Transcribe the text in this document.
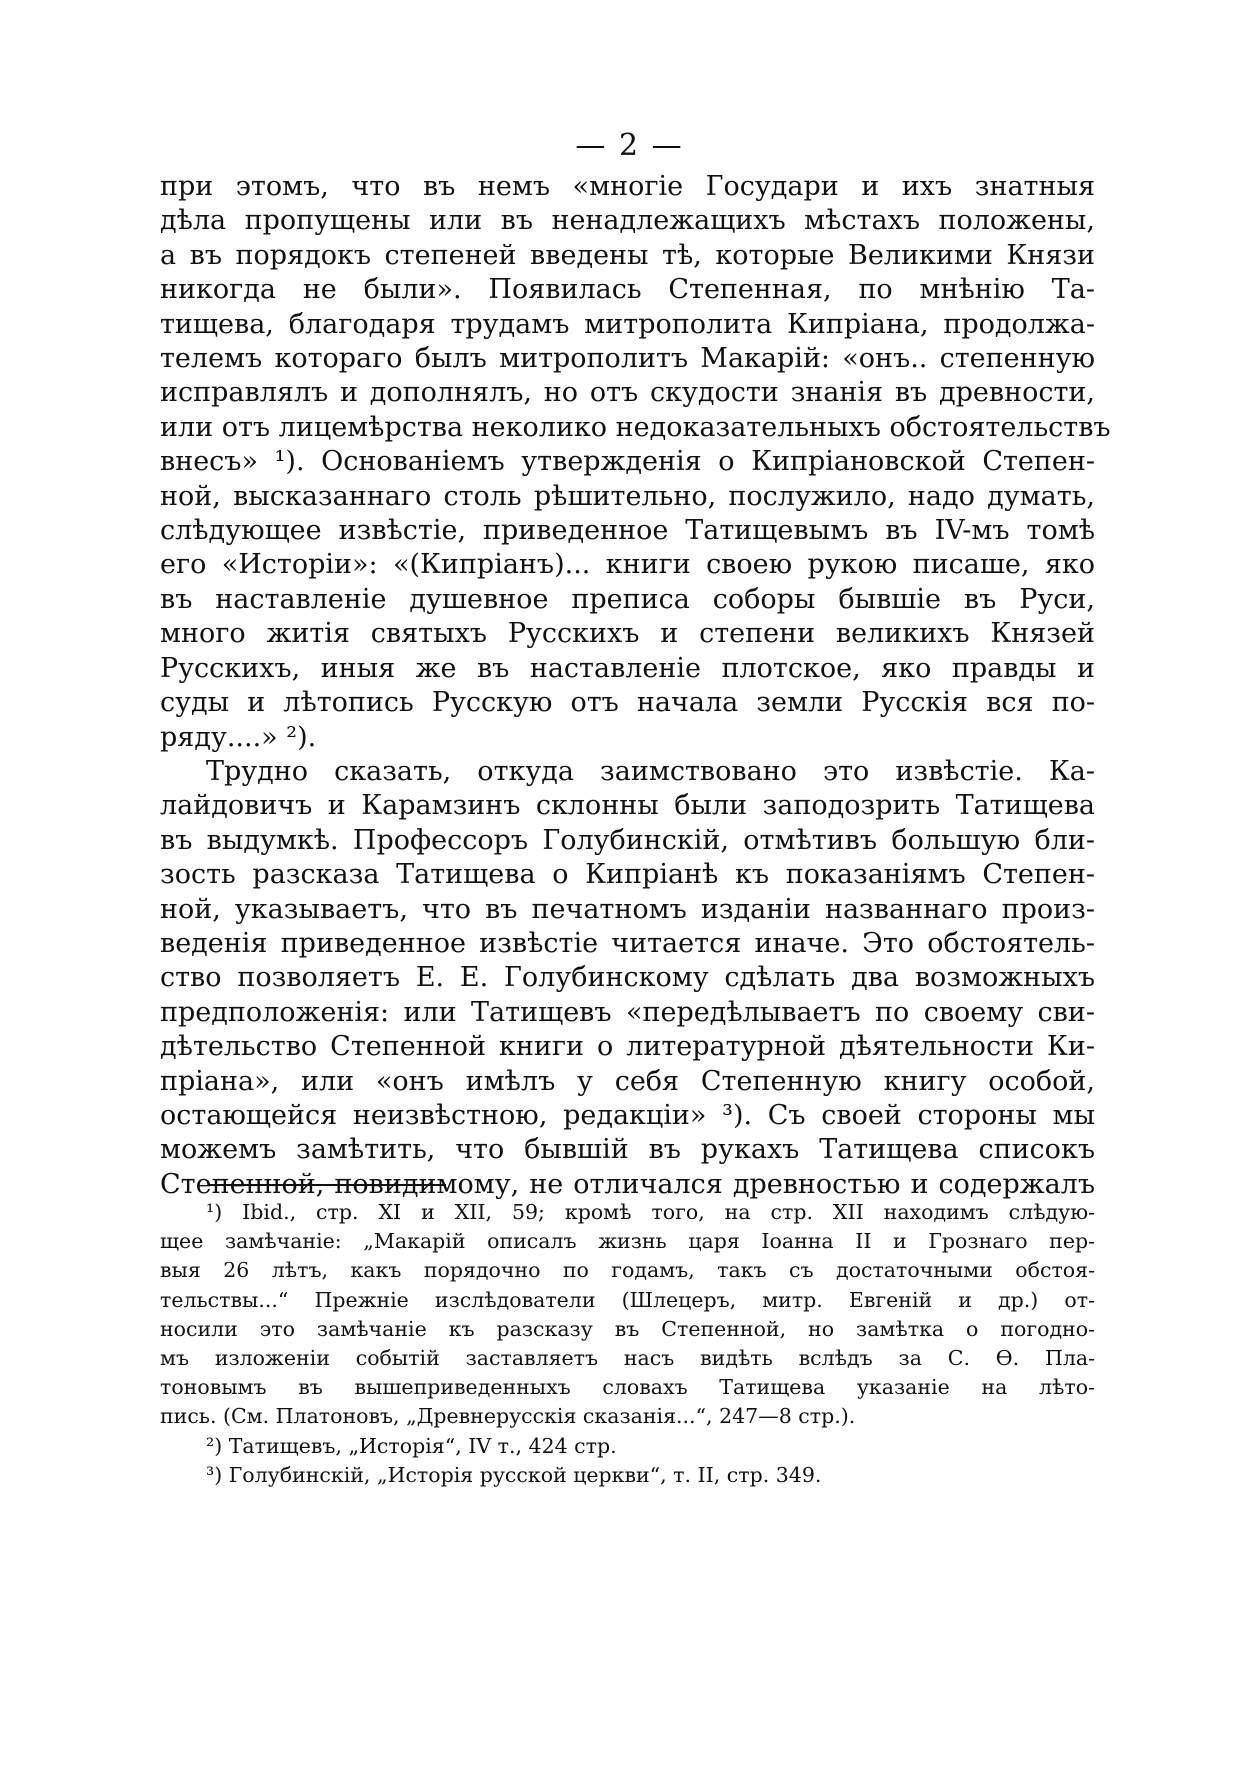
— 2 —
при этомъ, что въ немъ «многіе Государи и ихъ знатныя
дѣла пропущены или въ ненадлежащихъ мѣстахъ положены,
а въ порядокъ степеней введены тѣ, которые Великими Князи
никогда не были». Появилась Степенная, по мнѣнію Та-
тищева, благодаря трудамъ митрополита Кипріана, продолжа-
телемъ котораго былъ митрополитъ Макарій: «онъ.. степенную
исправлялъ и дополнялъ, но отъ скудости знанія въ древности,
или отъ лицемѣрства неколико недоказательныхъ обстоятельствъ
внесъ» ¹). Основаніемъ утвержденія о Кипріановской Степен-
ной, высказаннаго столь рѣшительно, послужило, надо думать,
слѣдующее извѣстіе, приведенное Татищевымъ въ IV-мъ томѣ
его «Исторіи»: «(Кипріанъ)... книги своею рукою писаше, яко
въ наставленіе душевное преписа соборы бывшіе въ Руси,
много житія святыхъ Русскихъ и степени великихъ Князей
Русскихъ, иныя же въ наставленіе плотское, яко правды и
суды и лѣтопись Русскую отъ начала земли Русскія вся по-
ряду....» ²).
Трудно сказать, откуда заимствовано это извѣстіе. Ка-
лайдовичъ и Карамзинъ склонны были заподозрить Татищева
въ выдумкѣ. Профессоръ Голубинскій, отмѣтивъ большую бли-
зость разсказа Татищева о Кипріанѣ къ показаніямъ Степен-
ной, указываетъ, что въ печатномъ изданіи названнаго произ-
веденія приведенное извѣстіе читается иначе. Это обстоятель-
ство позволяетъ Е. Е. Голубинскому сдѣлать два возможныхъ
предположенія: или Татищевъ «передѣлываетъ по своему сви-
дѣтельство Степенной книги о литературной дѣятельности Ки-
пріана», или «онъ имѣлъ у себя Степенную книгу особой,
остающейся неизвѣстною, редакціи» ³). Съ своей стороны мы
можемъ замѣтить, что бывшій въ рукахъ Татищева списокъ
Степенной, повидимому, не отличался древностью и содержалъ
¹) Ibid., стр. XI и XII, 59; кромѣ того, на стр. XII находимъ слѣдую-
щее замѣчаніе: „Макарій описалъ жизнь царя Іоанна II и Грознаго пер-
выя 26 лѣтъ, какъ порядочно по годамъ, такъ съ достаточными обстоя-
тельствы...“ Прежніе изслѣдователи (Шлецеръ, митр. Евгеній и др.) от-
носили это замѣчаніе къ разсказу въ Степенной, но замѣтка о погодно-
мъ изложеніи событій заставляетъ насъ видѣть вслѣдъ за С. Ѳ. Пла-
тоновымъ въ вышеприведенныхъ словахъ Татищева указаніе на лѣто-
пись. (См. Платоновъ, „Древнерусскія сказанія...“, 247—8 стр.).
²) Татищевъ, „Исторія“, IV т., 424 стр.
³) Голубинскій, „Исторія русской церкви“, т. II, стр. 349.
